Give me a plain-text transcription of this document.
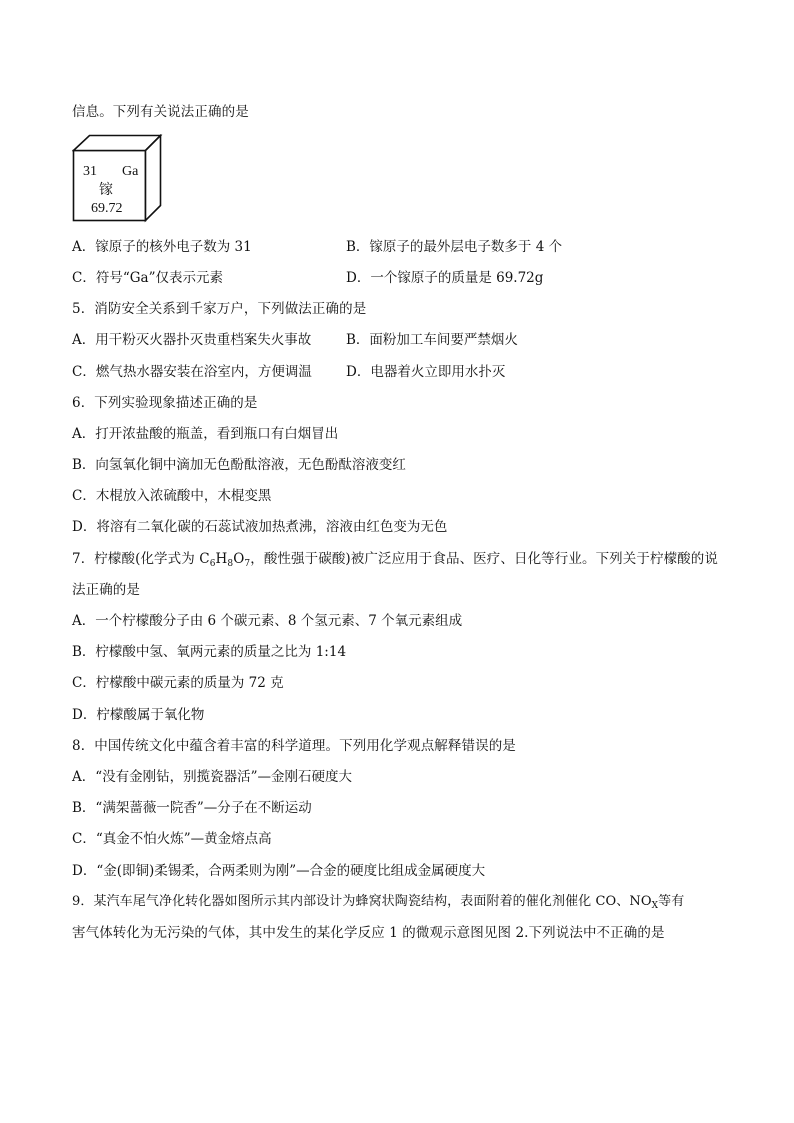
信息。下列有关说法正确的是
31 Ga
镓
69.72
A．镓原子的核外电子数为 31	B．镓原子的最外层电子数多于 4 个
C．符号“Ga”仅表示元素	D．一个镓原子的质量是 69.72g
5．消防安全关系到千家万户，下列做法正确的是
A．用干粉灭火器扑灭贵重档案失火事故	B．面粉加工车间要严禁烟火
C．燃气热水器安装在浴室内，方便调温	D．电器着火立即用水扑灭
6．下列实验现象描述正确的是
A．打开浓盐酸的瓶盖，看到瓶口有白烟冒出
B．向氢氧化铜中滴加无色酚酞溶液，无色酚酞溶液变红
C．木棍放入浓硫酸中，木棍变黑
D．将溶有二氧化碳的石蕊试液加热煮沸，溶液由红色变为无色
7．柠檬酸(化学式为 $C_6H_8O_7$，酸性强于碳酸)被广泛应用于食品、医疗、日化等行业。下列关于柠檬酸的说
法正确的是
A．一个柠檬酸分子由 6 个碳元素、8 个氢元素、7 个氧元素组成
B．柠檬酸中氢、氧两元素的质量之比为 1:14
C．柠檬酸中碳元素的质量为 72 克
D．柠檬酸属于氧化物
8．中国传统文化中蕴含着丰富的科学道理。下列用化学观点解释错误的是
A．“没有金刚钻，别揽瓷器活”—金刚石硬度大
B．“满架蔷薇一院香”—分子在不断运动
C．“真金不怕火炼”—黄金熔点高
D．“金(即铜)柔锡柔，合两柔则为刚”—合金的硬度比组成金属硬度大
9．某汽车尾气净化转化器如图所示其内部设计为蜂窝状陶瓷结构，表面附着的催化剂催化 CO、$NO_X$等有
害气体转化为无污染的气体，其中发生的某化学反应 1 的微观示意图见图 2.下列说法中不正确的是
